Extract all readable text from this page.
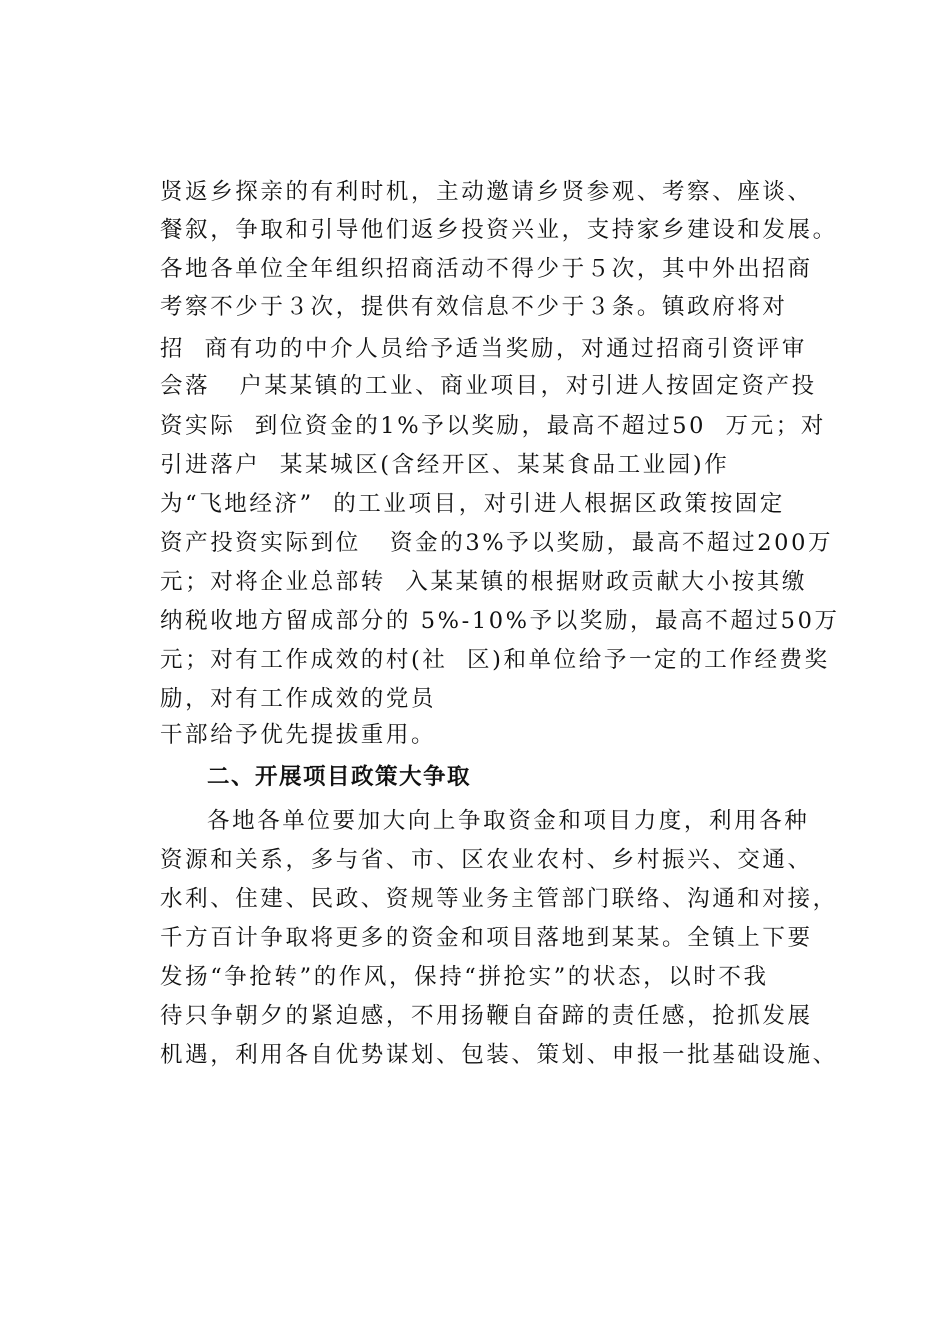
贤返乡探亲的有利时机，主动邀请乡贤参观、考察、座谈、
餐叙，争取和引导他们返乡投资兴业，支持家乡建设和发展。
各地各单位全年组织招商活动不得少于５次，其中外出招商
考察不少于３次，提供有效信息不少于３条。镇政府将对
招  商有功的中介人员给予适当奖励，对通过招商引资评审
会落   户某某镇的工业、商业项目，对引进人按固定资产投
资实际  到位资金的1%予以奖励，最高不超过50  万元；对
引进落户  某某城区(含经开区、某某食品工业园)作
为“飞地经济”  的工业项目，对引进人根据区政策按固定
资产投资实际到位   资金的3%予以奖励，最高不超过200万
元；对将企业总部转  入某某镇的根据财政贡献大小按其缴
纳税收地方留成部分的 5%-10%予以奖励，最高不超过50万
元；对有工作成效的村(社  区)和单位给予一定的工作经费奖
励，对有工作成效的党员
干部给予优先提拔重用。
二、开展项目政策大争取
各地各单位要加大向上争取资金和项目力度，利用各种
资源和关系，多与省、市、区农业农村、乡村振兴、交通、
水利、住建、民政、资规等业务主管部门联络、沟通和对接，
千方百计争取将更多的资金和项目落地到某某。全镇上下要
发扬“争抢转”的作风，保持“拼抢实”的状态，以时不我
待只争朝夕的紧迫感，不用扬鞭自奋蹄的责任感，抢抓发展
机遇，利用各自优势谋划、包装、策划、申报一批基础设施、
